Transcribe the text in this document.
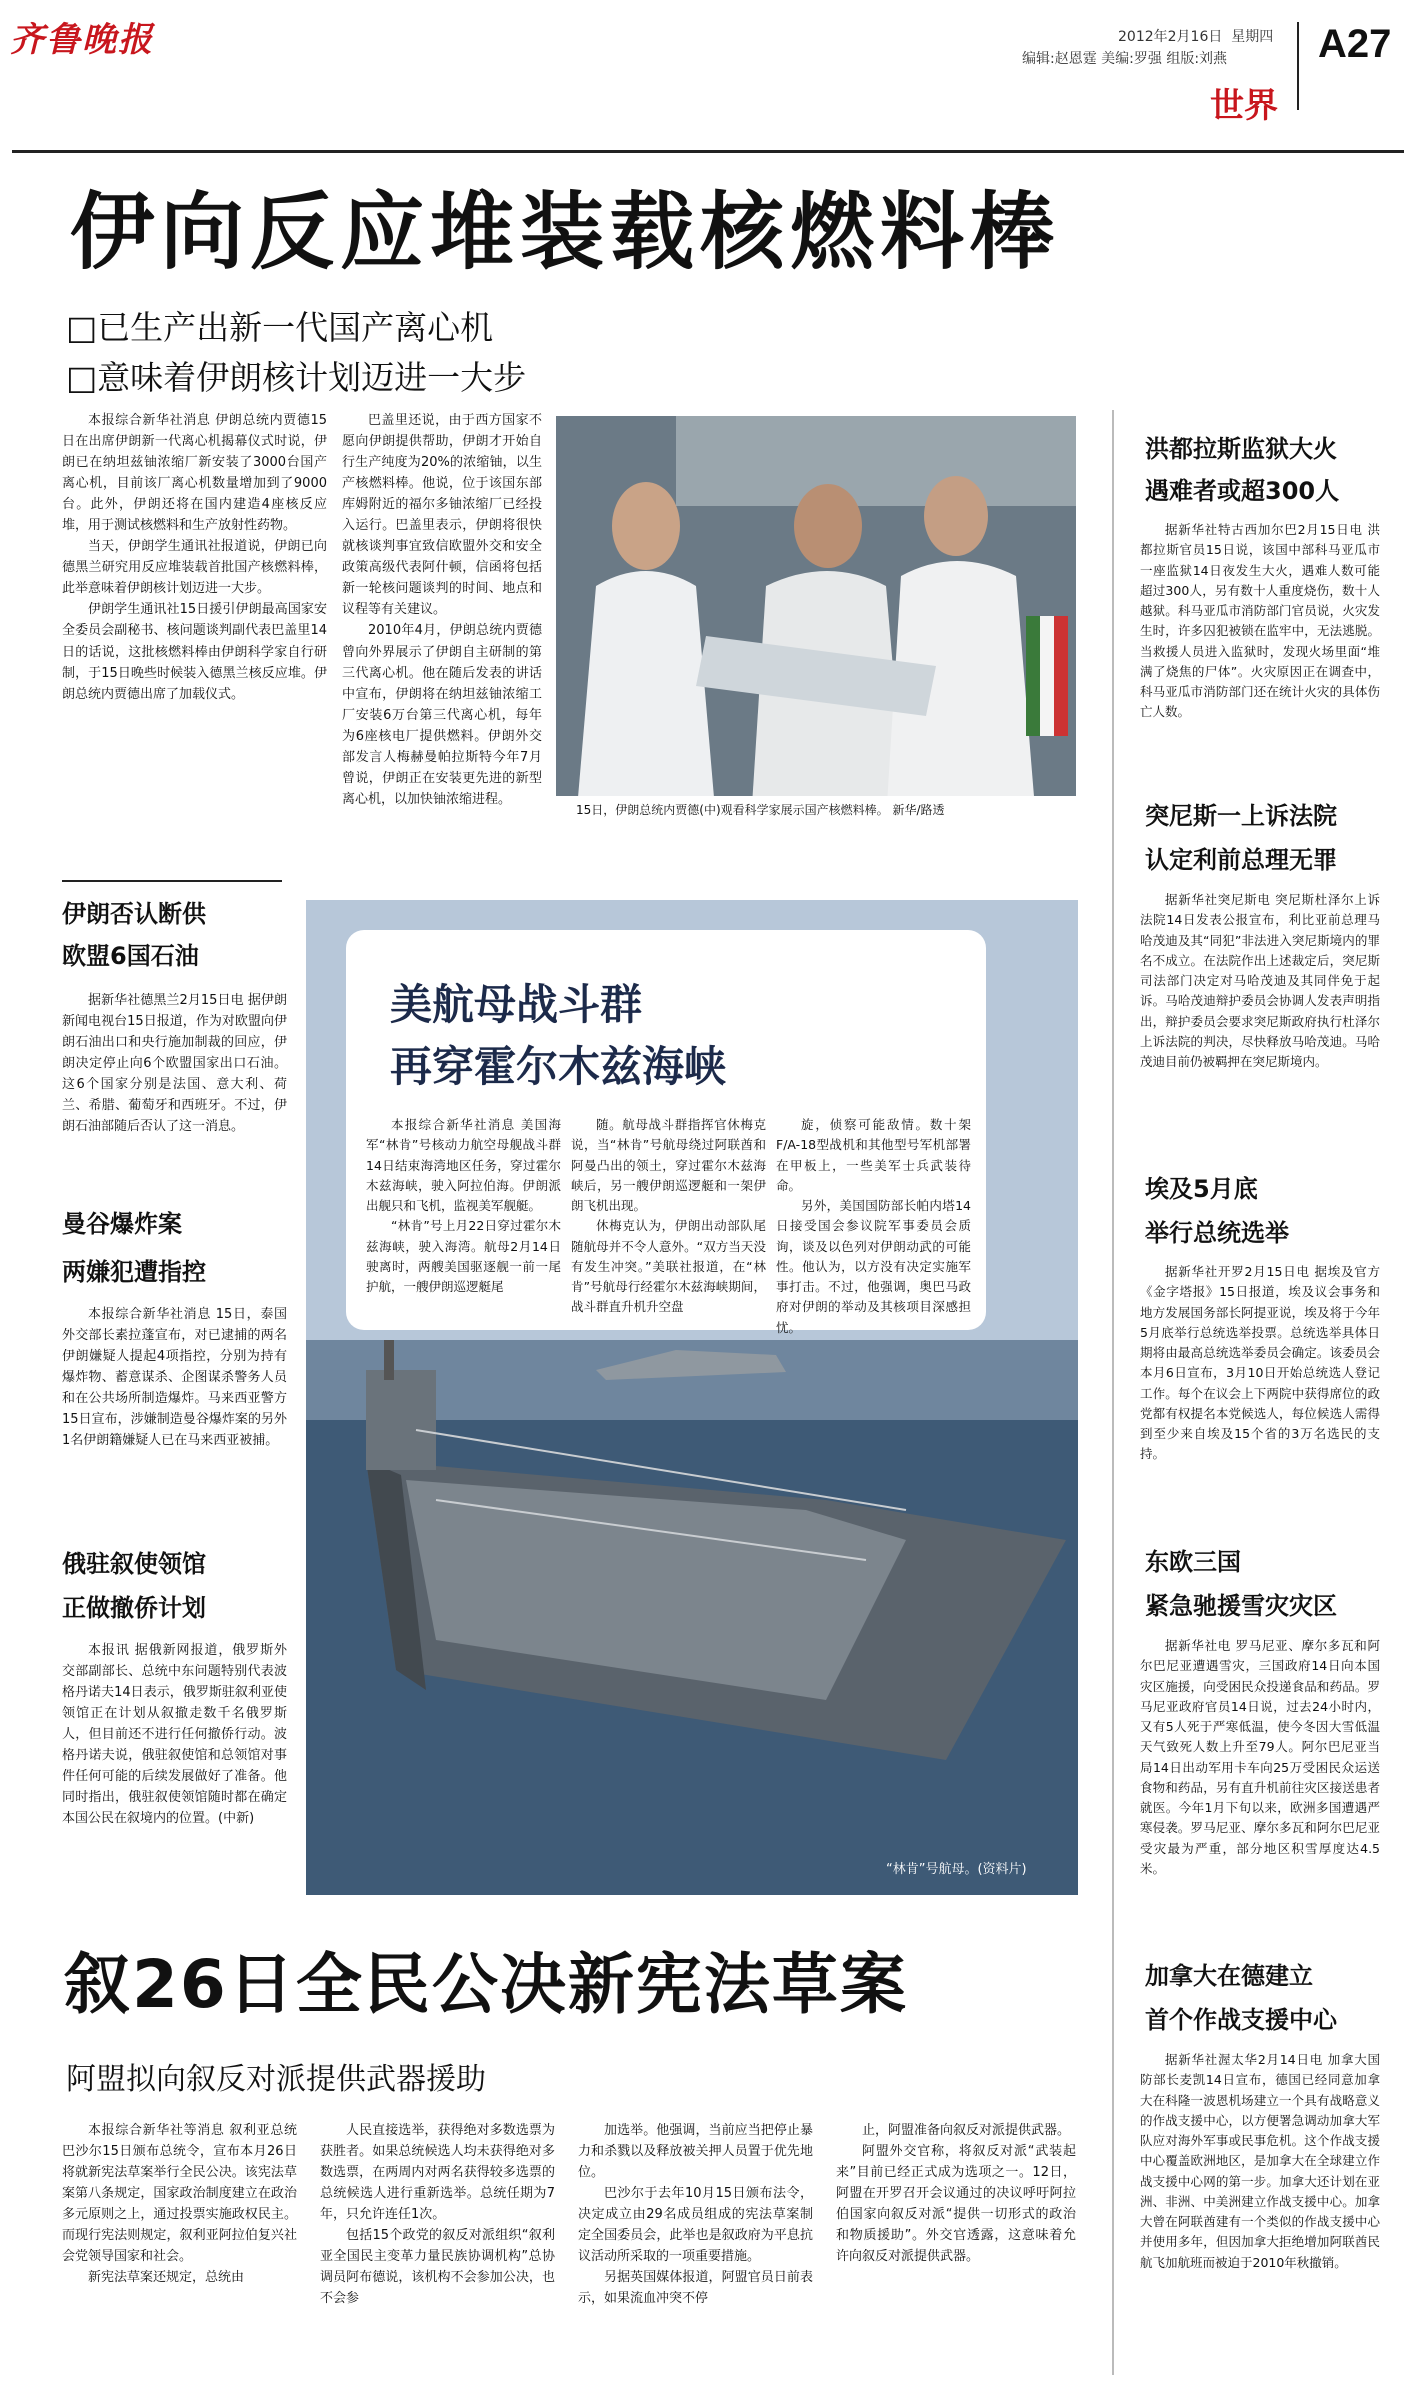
齐鲁晚报	2012年2月16日 星期四
编辑:赵恩霆 美编:罗强 组版:刘燕 A27
世界
伊向反应堆装载核燃料棒
□已生产出新一代国产离心机
□意味着伊朗核计划迈进一大步

本报综合新华社消息 伊朗总统内贾德15日在出席伊朗新一代离心机揭幕仪式时说，伊朗已在纳坦兹铀浓缩厂新安装了3000台国产离心机，目前该厂离心机数量增加到了9000台。此外，伊朗还将在国内建造4座核反应堆，用于测试核燃料和生产放射性药物。

当天，伊朗学生通讯社报道说，伊朗已向德黑兰研究用反应堆装载首批国产核燃料棒，此举意味着伊朗核计划迈进一大步。

伊朗学生通讯社15日援引伊朗最高国家安全委员会副秘书、核问题谈判副代表巴盖里14日的话说，这批核燃料棒由伊朗科学家自行研制，于15日晚些时候装入德黑兰核反应堆。伊朗总统内贾德出席了加载仪式。

巴盖里还说，由于西方国家不愿向伊朗提供帮助，伊朗才开始自行生产纯度为20%的浓缩铀，以生产核燃料棒。他说，位于该国东部库姆附近的福尔多铀浓缩厂已经投入运行。巴盖里表示，伊朗将很快就核谈判事宜致信欧盟外交和安全政策高级代表阿什顿，信函将包括新一轮核问题谈判的时间、地点和议程等有关建议。

2010年4月，伊朗总统内贾德曾向外界展示了伊朗自主研制的第三代离心机。他在随后发表的讲话中宣布，伊朗将在纳坦兹铀浓缩工厂安装6万台第三代离心机，每年为6座核电厂提供燃料。伊朗外交部发言人梅赫曼帕拉斯特今年7月曾说，伊朗正在安装更先进的新型离心机，以加快铀浓缩进程。

15日，伊朗总统内贾德(中)观看科学家展示国产核燃料棒。 新华/路透
伊朗否认断供
欧盟6国石油

据新华社德黑兰2月15日电 据伊朗新闻电视台15日报道，作为对欧盟向伊朗石油出口和央行施加制裁的回应，伊朗决定停止向6个欧盟国家出口石油。这6个国家分别是法国、意大利、荷兰、希腊、葡萄牙和西班牙。不过，伊朗石油部随后否认了这一消息。

曼谷爆炸案
两嫌犯遭指控

本报综合新华社消息 15日，泰国外交部长素拉蓬宣布，对已逮捕的两名伊朗嫌疑人提起4项指控，分别为持有爆炸物、蓄意谋杀、企图谋杀警务人员和在公共场所制造爆炸。马来西亚警方15日宣布，涉嫌制造曼谷爆炸案的另外1名伊朗籍嫌疑人已在马来西亚被捕。

俄驻叙使领馆
正做撤侨计划

本报讯 据俄新网报道，俄罗斯外交部副部长、总统中东问题特别代表波格丹诺夫14日表示，俄罗斯驻叙利亚使领馆正在计划从叙撤走数千名俄罗斯人，但目前还不进行任何撤侨行动。波格丹诺夫说，俄驻叙使馆和总领馆对事件任何可能的后续发展做好了准备。他同时指出，俄驻叙使领馆随时都在确定本国公民在叙境内的位置。(中新)

美航母战斗群
再穿霍尔木兹海峡

本报综合新华社消息 美国海军“林肯”号核动力航空母舰战斗群14日结束海湾地区任务，穿过霍尔木兹海峡，驶入阿拉伯海。伊朗派出舰只和飞机，监视美军舰艇。

“林肯”号上月22日穿过霍尔木兹海峡，驶入海湾。航母2月14日驶离时，两艘美国驱逐舰一前一尾护航，一艘伊朗巡逻艇尾

随。航母战斗群指挥官休梅克说，当“林肯”号航母绕过阿联酋和阿曼凸出的领土，穿过霍尔木兹海峡后，另一艘伊朗巡逻艇和一架伊朗飞机出现。

休梅克认为，伊朗出动部队尾随航母并不令人意外。“双方当天没有发生冲突。”美联社报道，在“林肯”号航母行经霍尔木兹海峡期间，战斗群直升机升空盘

旋，侦察可能敌情。数十架F/A-18型战机和其他型号军机部署在甲板上，一些美军士兵武装待命。

另外，美国国防部长帕内塔14日接受国会参议院军事委员会质询，谈及以色列对伊朗动武的可能性。他认为，以方没有决定实施军事打击。不过，他强调，奥巴马政府对伊朗的举动及其核项目深感担忧。

“林肯”号航母。(资料片)
洪都拉斯监狱大火
遇难者或超300人

据新华社特古西加尔巴2月15日电 洪都拉斯官员15日说，该国中部科马亚瓜市一座监狱14日夜发生大火，遇难人数可能超过300人，另有数十人重度烧伤，数十人越狱。科马亚瓜市消防部门官员说，火灾发生时，许多囚犯被锁在监牢中，无法逃脱。当救援人员进入监狱时，发现火场里面“堆满了烧焦的尸体”。火灾原因正在调查中，科马亚瓜市消防部门还在统计火灾的具体伤亡人数。

突尼斯一上诉法院
认定利前总理无罪

据新华社突尼斯电 突尼斯杜泽尔上诉法院14日发表公报宣布，利比亚前总理马哈茂迪及其“同犯”非法进入突尼斯境内的罪名不成立。在法院作出上述裁定后，突尼斯司法部门决定对马哈茂迪及其同伴免于起诉。马哈茂迪辩护委员会协调人发表声明指出，辩护委员会要求突尼斯政府执行杜泽尔上诉法院的判决，尽快释放马哈茂迪。马哈茂迪目前仍被羁押在突尼斯境内。

埃及5月底
举行总统选举

据新华社开罗2月15日电 据埃及官方《金字塔报》15日报道，埃及议会事务和地方发展国务部长阿提亚说，埃及将于今年5月底举行总统选举投票。总统选举具体日期将由最高总统选举委员会确定。该委员会本月6日宣布，3月10日开始总统选人登记工作。每个在议会上下两院中获得席位的政党都有权提名本党候选人，每位候选人需得到至少来自埃及15个省的3万名选民的支持。

东欧三国
紧急驰援雪灾灾区

据新华社电 罗马尼亚、摩尔多瓦和阿尔巴尼亚遭遇雪灾，三国政府14日向本国灾区施援，向受困民众投递食品和药品。罗马尼亚政府官员14日说，过去24小时内，又有5人死于严寒低温，使今冬因大雪低温天气致死人数上升至79人。阿尔巴尼亚当局14日出动军用卡车向25万受困民众运送食物和药品，另有直升机前往灾区接送患者就医。今年1月下旬以来，欧洲多国遭遇严寒侵袭。罗马尼亚、摩尔多瓦和阿尔巴尼亚受灾最为严重，部分地区积雪厚度达4.5米。

加拿大在德建立
首个作战支援中心

据新华社渥太华2月14日电 加拿大国防部长麦凯14日宣布，德国已经同意加拿大在科隆一波恩机场建立一个具有战略意义的作战支援中心，以方便署急调动加拿大军队应对海外军事或民事危机。这个作战支援中心覆盖欧洲地区，是加拿大在全球建立作战支援中心网的第一步。加拿大还计划在亚洲、非洲、中美洲建立作战支援中心。加拿大曾在阿联酋建有一个类似的作战支援中心并使用多年，但因加拿大拒绝增加阿联酋民航飞加航班而被迫于2010年秋撤销。

叙26日全民公决新宪法草案
阿盟拟向叙反对派提供武器援助

本报综合新华社等消息 叙利亚总统巴沙尔15日颁布总统令，宣布本月26日将就新宪法草案举行全民公决。该宪法草案第八条规定，国家政治制度建立在政治多元原则之上，通过投票实施政权民主。而现行宪法则规定，叙利亚阿拉伯复兴社会党领导国家和社会。

新宪法草案还规定，总统由

人民直接选举，获得绝对多数选票为获胜者。如果总统候选人均未获得绝对多数选票，在两周内对两名获得较多选票的总统候选人进行重新选举。总统任期为7年，只允许连任1次。

包括15个政党的叙反对派组织“叙利亚全国民主变革力量民族协调机构”总协调员阿布德说，该机构不会参加公决，也不会参

加选举。他强调，当前应当把停止暴力和杀戮以及释放被关押人员置于优先地位。

巴沙尔于去年10月15日颁布法令，决定成立由29名成员组成的宪法草案制定全国委员会，此举也是叙政府为平息抗议活动所采取的一项重要措施。

另据英国媒体报道，阿盟官员日前表示，如果流血冲突不停

止，阿盟准备向叙反对派提供武器。

阿盟外交官称，将叙反对派“武装起来”目前已经正式成为选项之一。12日，阿盟在开罗召开会议通过的决议呼吁阿拉伯国家向叙反对派“提供一切形式的政治和物质援助”。外交官透露，这意味着允许向叙反对派提供武器。
